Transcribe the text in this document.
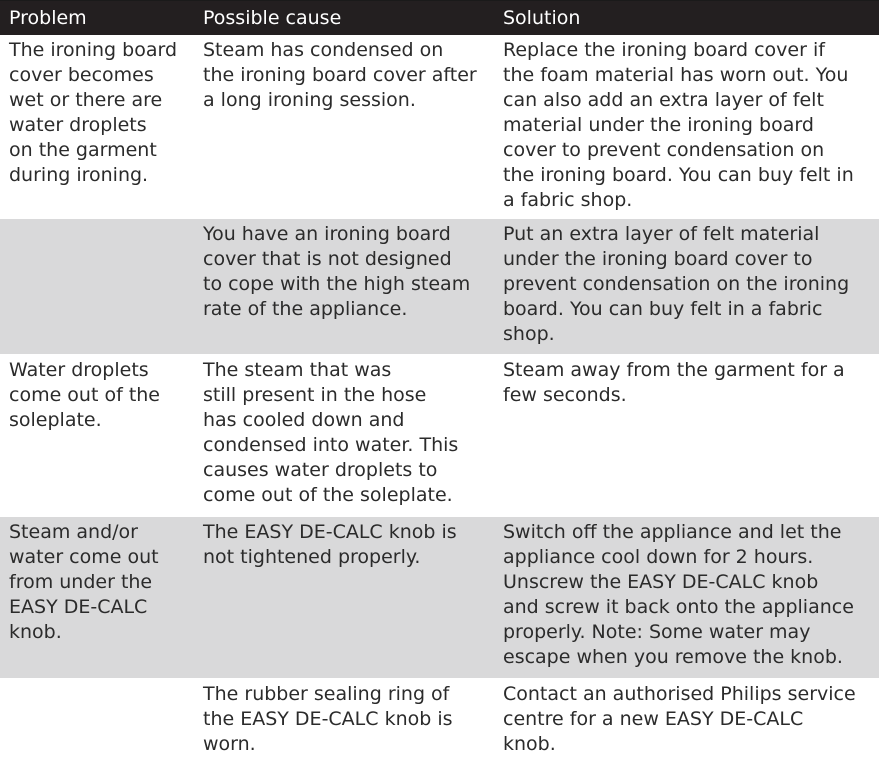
Problem	Possible cause	Solution
The ironing board
cover becomes
wet or there are
water droplets
on the garment
during ironing.
Steam has condensed on
the ironing board cover after
a long ironing session.
Replace the ironing board cover if
the foam material has worn out. You
can also add an extra layer of felt
material under the ironing board
cover to prevent condensation on
the ironing board. You can buy felt in
a fabric shop.
You have an ironing board
cover that is not designed
to cope with the high steam
rate of the appliance.
Put an extra layer of felt material
under the ironing board cover to
prevent condensation on the ironing
board. You can buy felt in a fabric
shop.
Water droplets
come out of the
soleplate.
The steam that was
still present in the hose
has cooled down and
condensed into water. This
causes water droplets to
come out of the soleplate.
Steam away from the garment for a
few seconds.
Steam and/or
water come out
from under the
EASY DE-CALC
knob.
The EASY DE-CALC knob is
not tightened properly.
Switch off the appliance and let the
appliance cool down for 2 hours.
Unscrew the EASY DE-CALC knob
and screw it back onto the appliance
properly. Note: Some water may
escape when you remove the knob.
The rubber sealing ring of
the EASY DE-CALC knob is
worn.
Contact an authorised Philips service
centre for a new EASY DE-CALC
knob.
